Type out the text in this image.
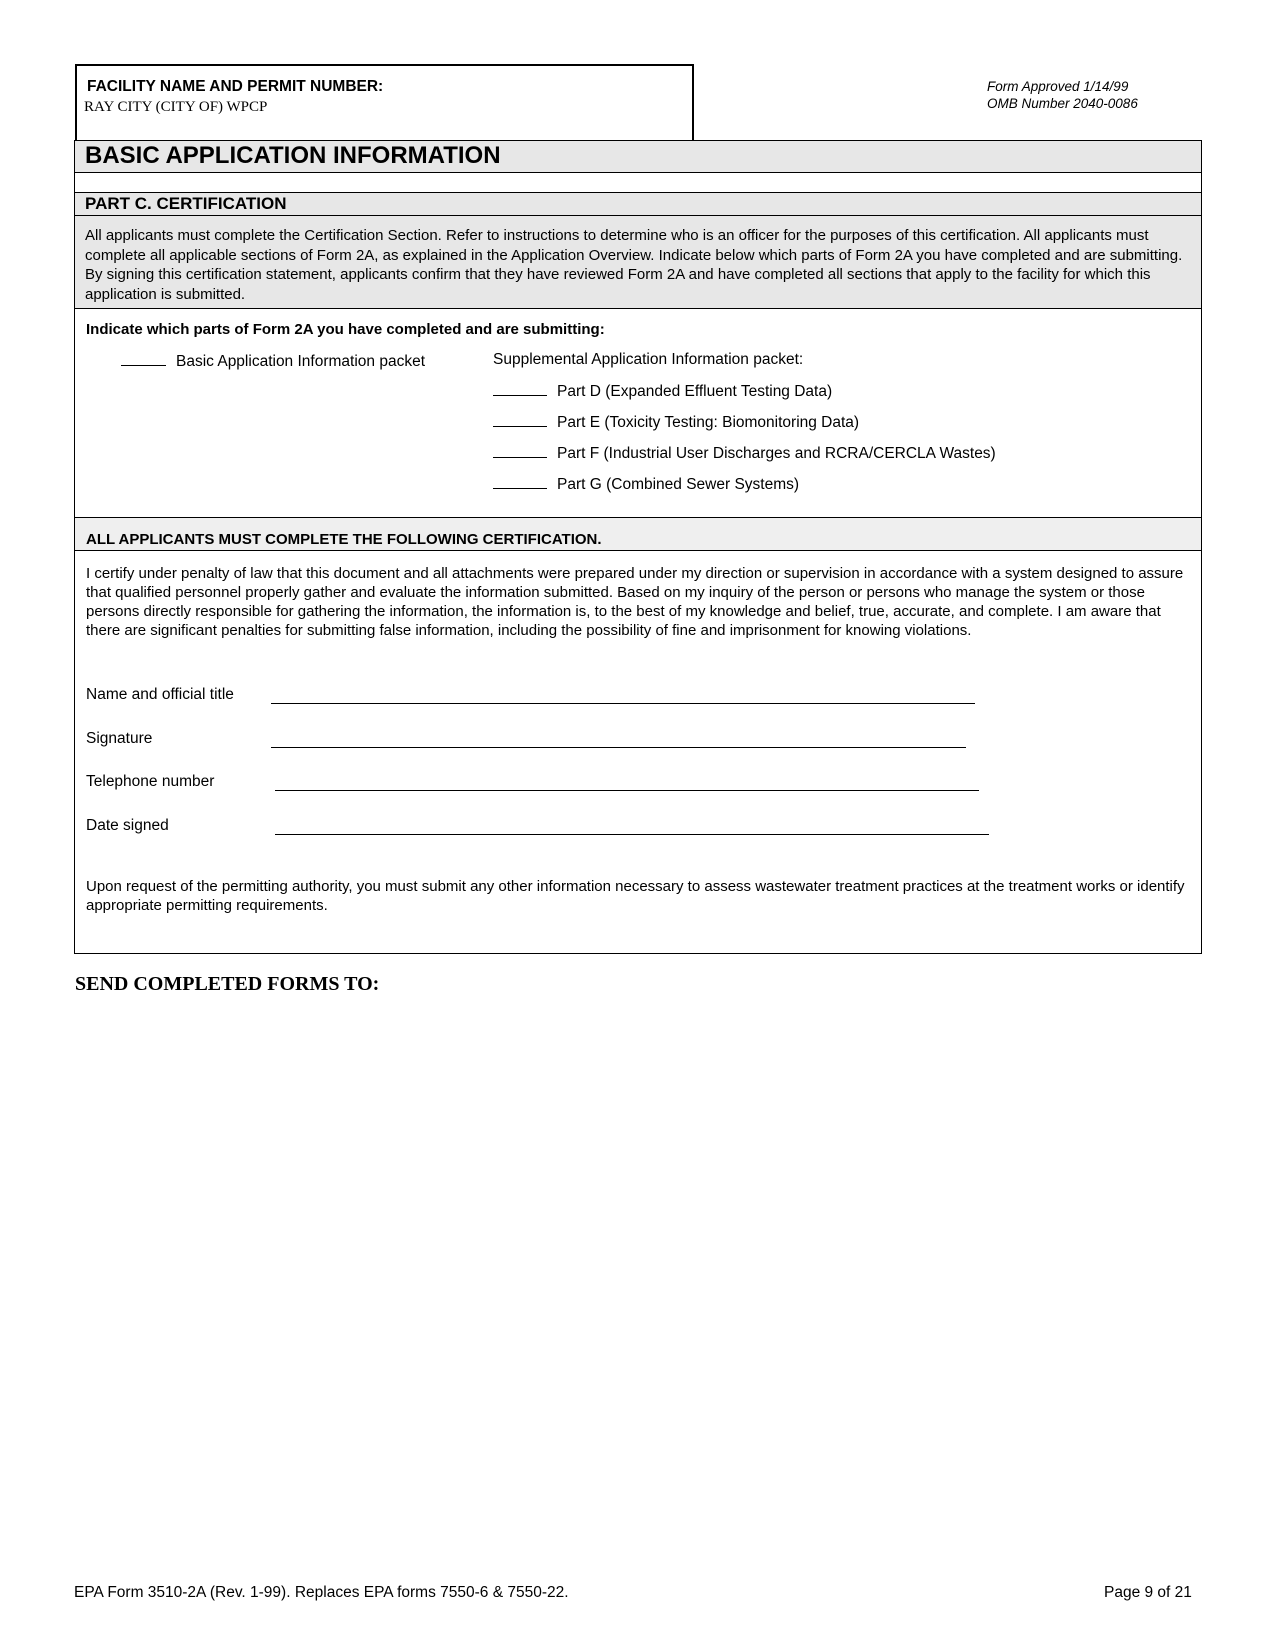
FACILITY NAME AND PERMIT NUMBER:
RAY CITY (CITY OF) WPCP
Form Approved 1/14/99
OMB Number 2040-0086
BASIC APPLICATION INFORMATION
PART C. CERTIFICATION
All applicants must complete the Certification Section. Refer to instructions to determine who is an officer for the purposes of this certification. All applicants must complete all applicable sections of Form 2A, as explained in the Application Overview. Indicate below which parts of Form 2A you have completed and are submitting. By signing this certification statement, applicants confirm that they have reviewed Form 2A and have completed all sections that apply to the facility for which this application is submitted.
Indicate which parts of Form 2A you have completed and are submitting:
Basic Application Information packet	Supplemental Application Information packet:
Part D (Expanded Effluent Testing Data)
Part E (Toxicity Testing: Biomonitoring Data)
Part F (Industrial User Discharges and RCRA/CERCLA Wastes)
Part G (Combined Sewer Systems)
ALL APPLICANTS MUST COMPLETE THE FOLLOWING CERTIFICATION.
I certify under penalty of law that this document and all attachments were prepared under my direction or supervision in accordance with a system designed to assure that qualified personnel properly gather and evaluate the information submitted. Based on my inquiry of the person or persons who manage the system or those persons directly responsible for gathering the information, the information is, to the best of my knowledge and belief, true, accurate, and complete. I am aware that there are significant penalties for submitting false information, including the possibility of fine and imprisonment for knowing violations.
Name and official title
Signature
Telephone number
Date signed
Upon request of the permitting authority, you must submit any other information necessary to assess wastewater treatment practices at the treatment works or identify appropriate permitting requirements.
SEND COMPLETED FORMS TO:
EPA Form 3510-2A (Rev. 1-99). Replaces EPA forms 7550-6 & 7550-22.	Page 9 of 21
